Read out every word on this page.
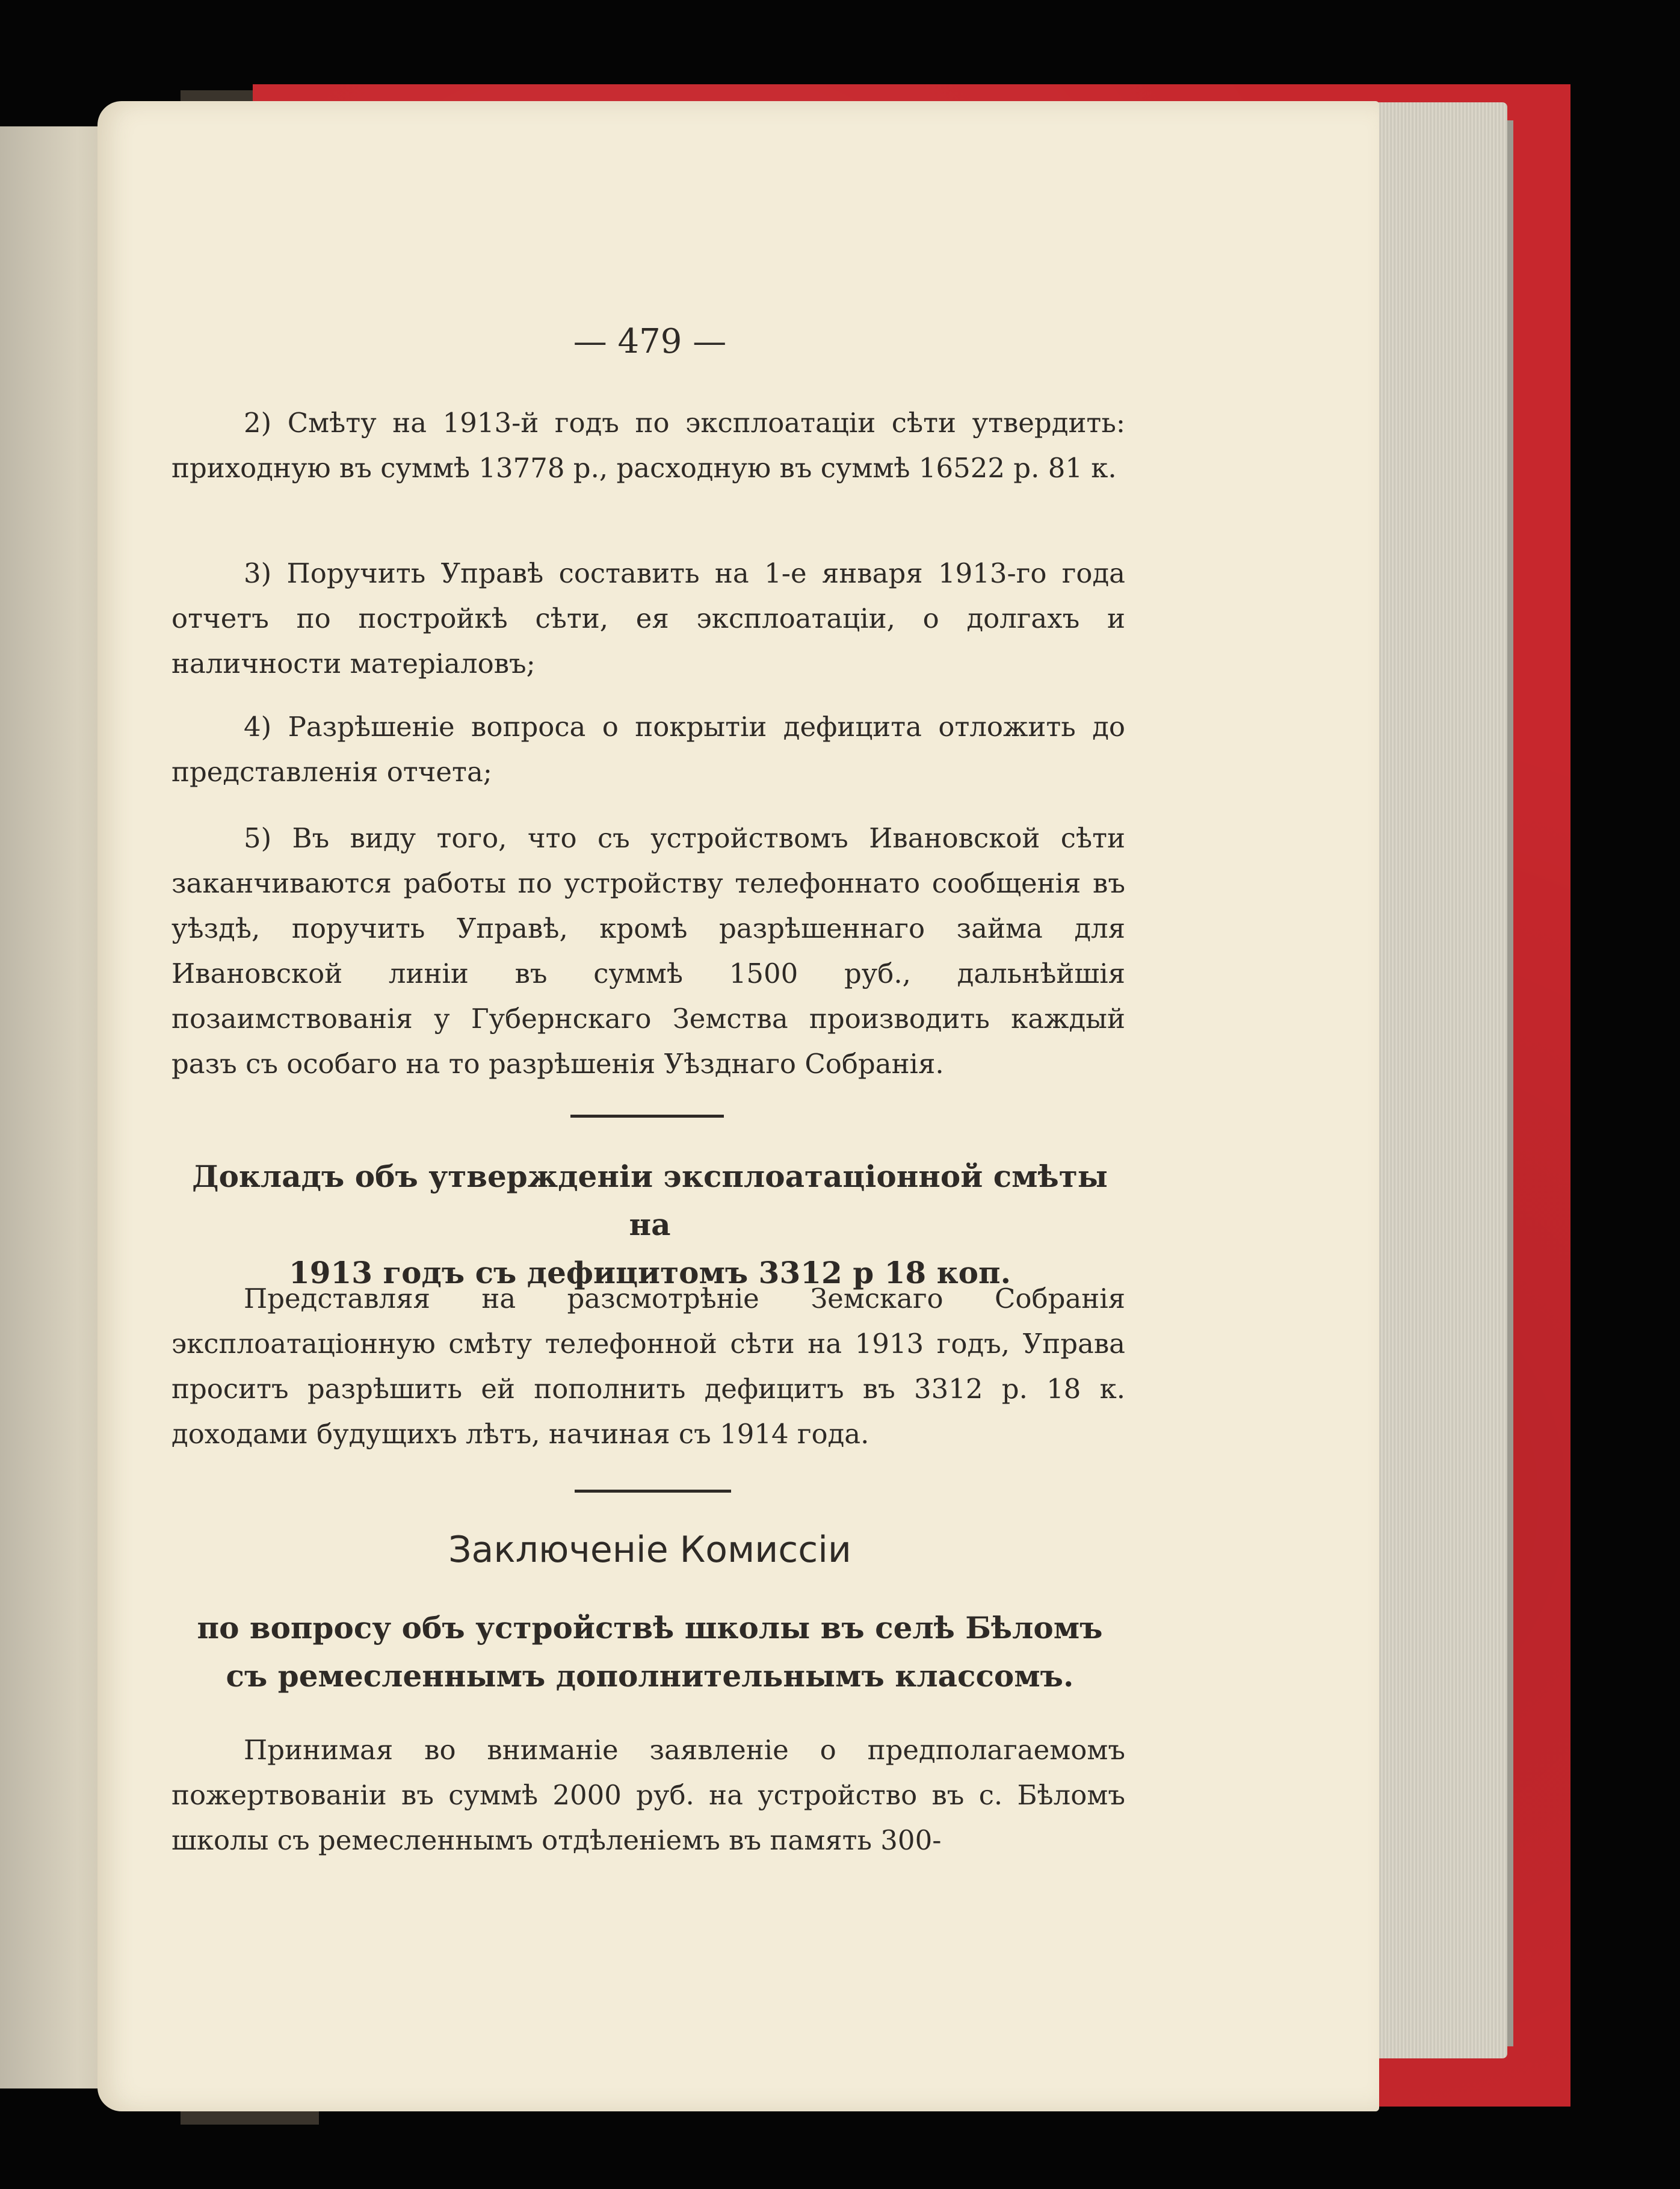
— 479 —
2) Смѣту на 1913-й годъ по эксплоатаціи сѣти утвердить: приходную въ суммѣ 13778 р., расходную въ суммѣ 16522 р. 81 к.
3) Поручить Управѣ составить на 1-е января 1913-го года отчетъ по постройкѣ сѣти, ея эксплоатаціи, о долгахъ и наличности матеріаловъ;
4) Разрѣшеніе вопроса о покрытіи дефицита отложить до представленія отчета;
5) Въ виду того, что съ устройствомъ Ивановской сѣти заканчиваются работы по устройству телефоннато сообщенія въ уѣздѣ, поручить Управѣ, кромѣ разрѣшеннаго займа для Ивановской линіи въ суммѣ 1500 руб., дальнѣйшія позаимствованія у Губернскаго Земства производить каждый разъ съ особаго на то разрѣшенія Уѣзднаго Собранія.
Докладъ объ утвержденіи эксплоатаціонной смѣты на
1913 годъ съ дефицитомъ 3312 р 18 коп.
Представляя на разсмотрѣніе Земскаго Собранія эксплоатаціонную смѣту телефонной сѣти на 1913 годъ, Управа проситъ разрѣшить ей пополнить дефицитъ въ 3312 р. 18 к. доходами будущихъ лѣтъ, начиная съ 1914 года.
Заключеніе Комиссіи
по вопросу объ устройствѣ школы въ селѣ Бѣломъ
съ ремесленнымъ дополнительнымъ классомъ.
Принимая во вниманіе заявленіе о предполагаемомъ пожертвованіи въ суммѣ 2000 руб. на устройство въ с. Бѣломъ школы съ ремесленнымъ отдѣленіемъ въ память 300-
